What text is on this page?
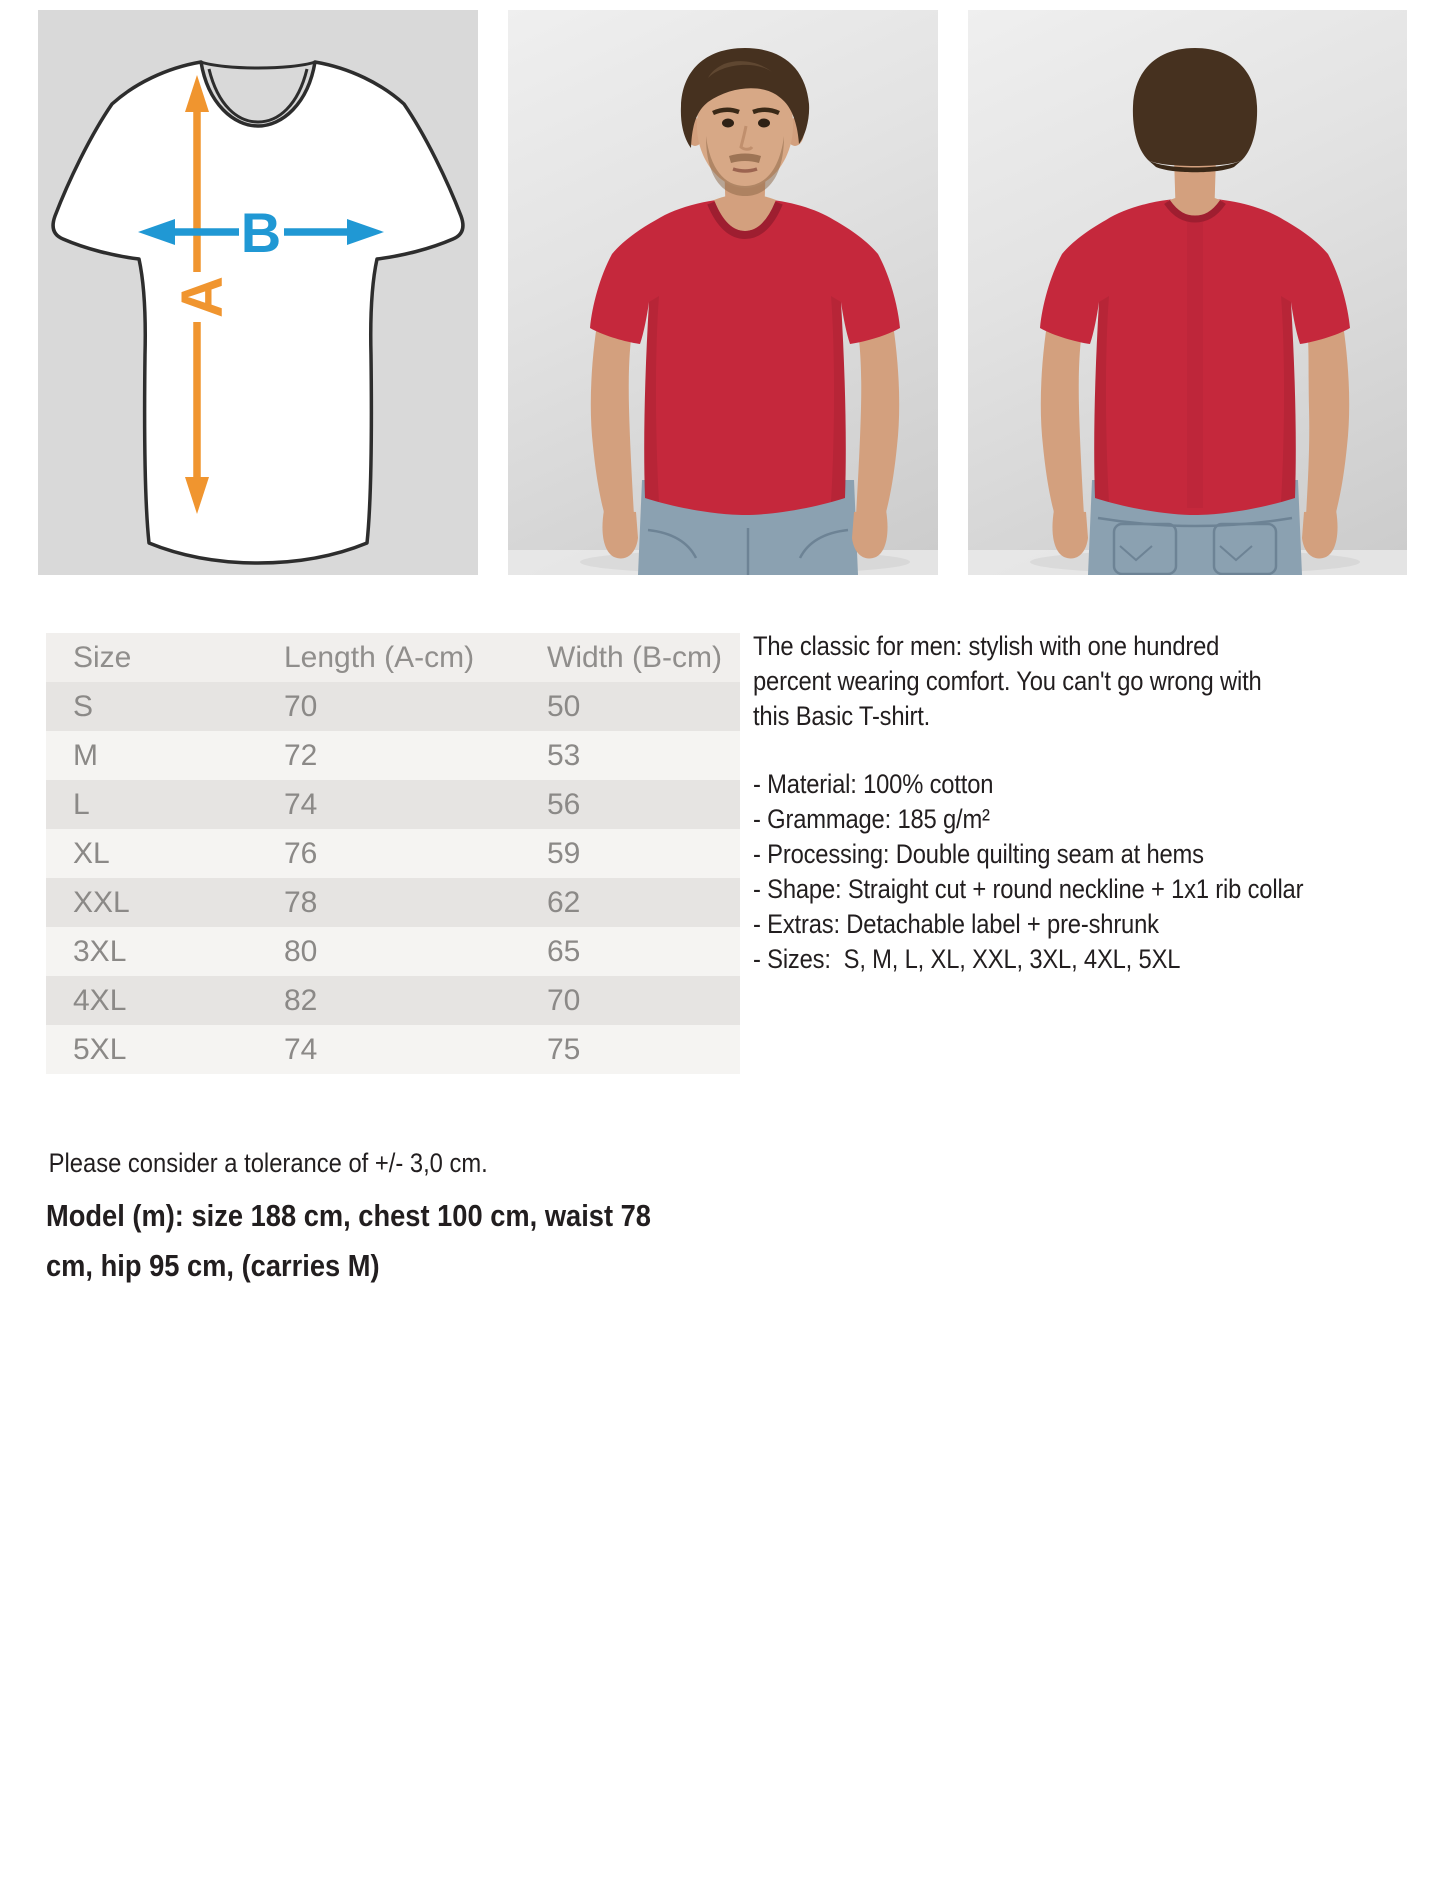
A
B
Size	Length (A-cm)	Width (B-cm)
S	70	50
M	72	53
L	74	56
XL	76	59
XXL	78	62
3XL	80	65
4XL	82	70
5XL	74	75
The classic for men: stylish with one hundred
percent wearing comfort. You can't go wrong with
this Basic T-shirt.
- Material: 100% cotton
- Grammage: 185 g/m²
- Processing: Double quilting seam at hems
- Shape: Straight cut + round neckline + 1x1 rib collar
- Extras: Detachable label + pre-shrunk
- Sizes:  S, M, L, XL, XXL, 3XL, 4XL, 5XL
Please consider a tolerance of +/- 3,0 cm.
Model (m): size 188 cm, chest 100 cm, waist 78
cm, hip 95 cm, (carries M)
